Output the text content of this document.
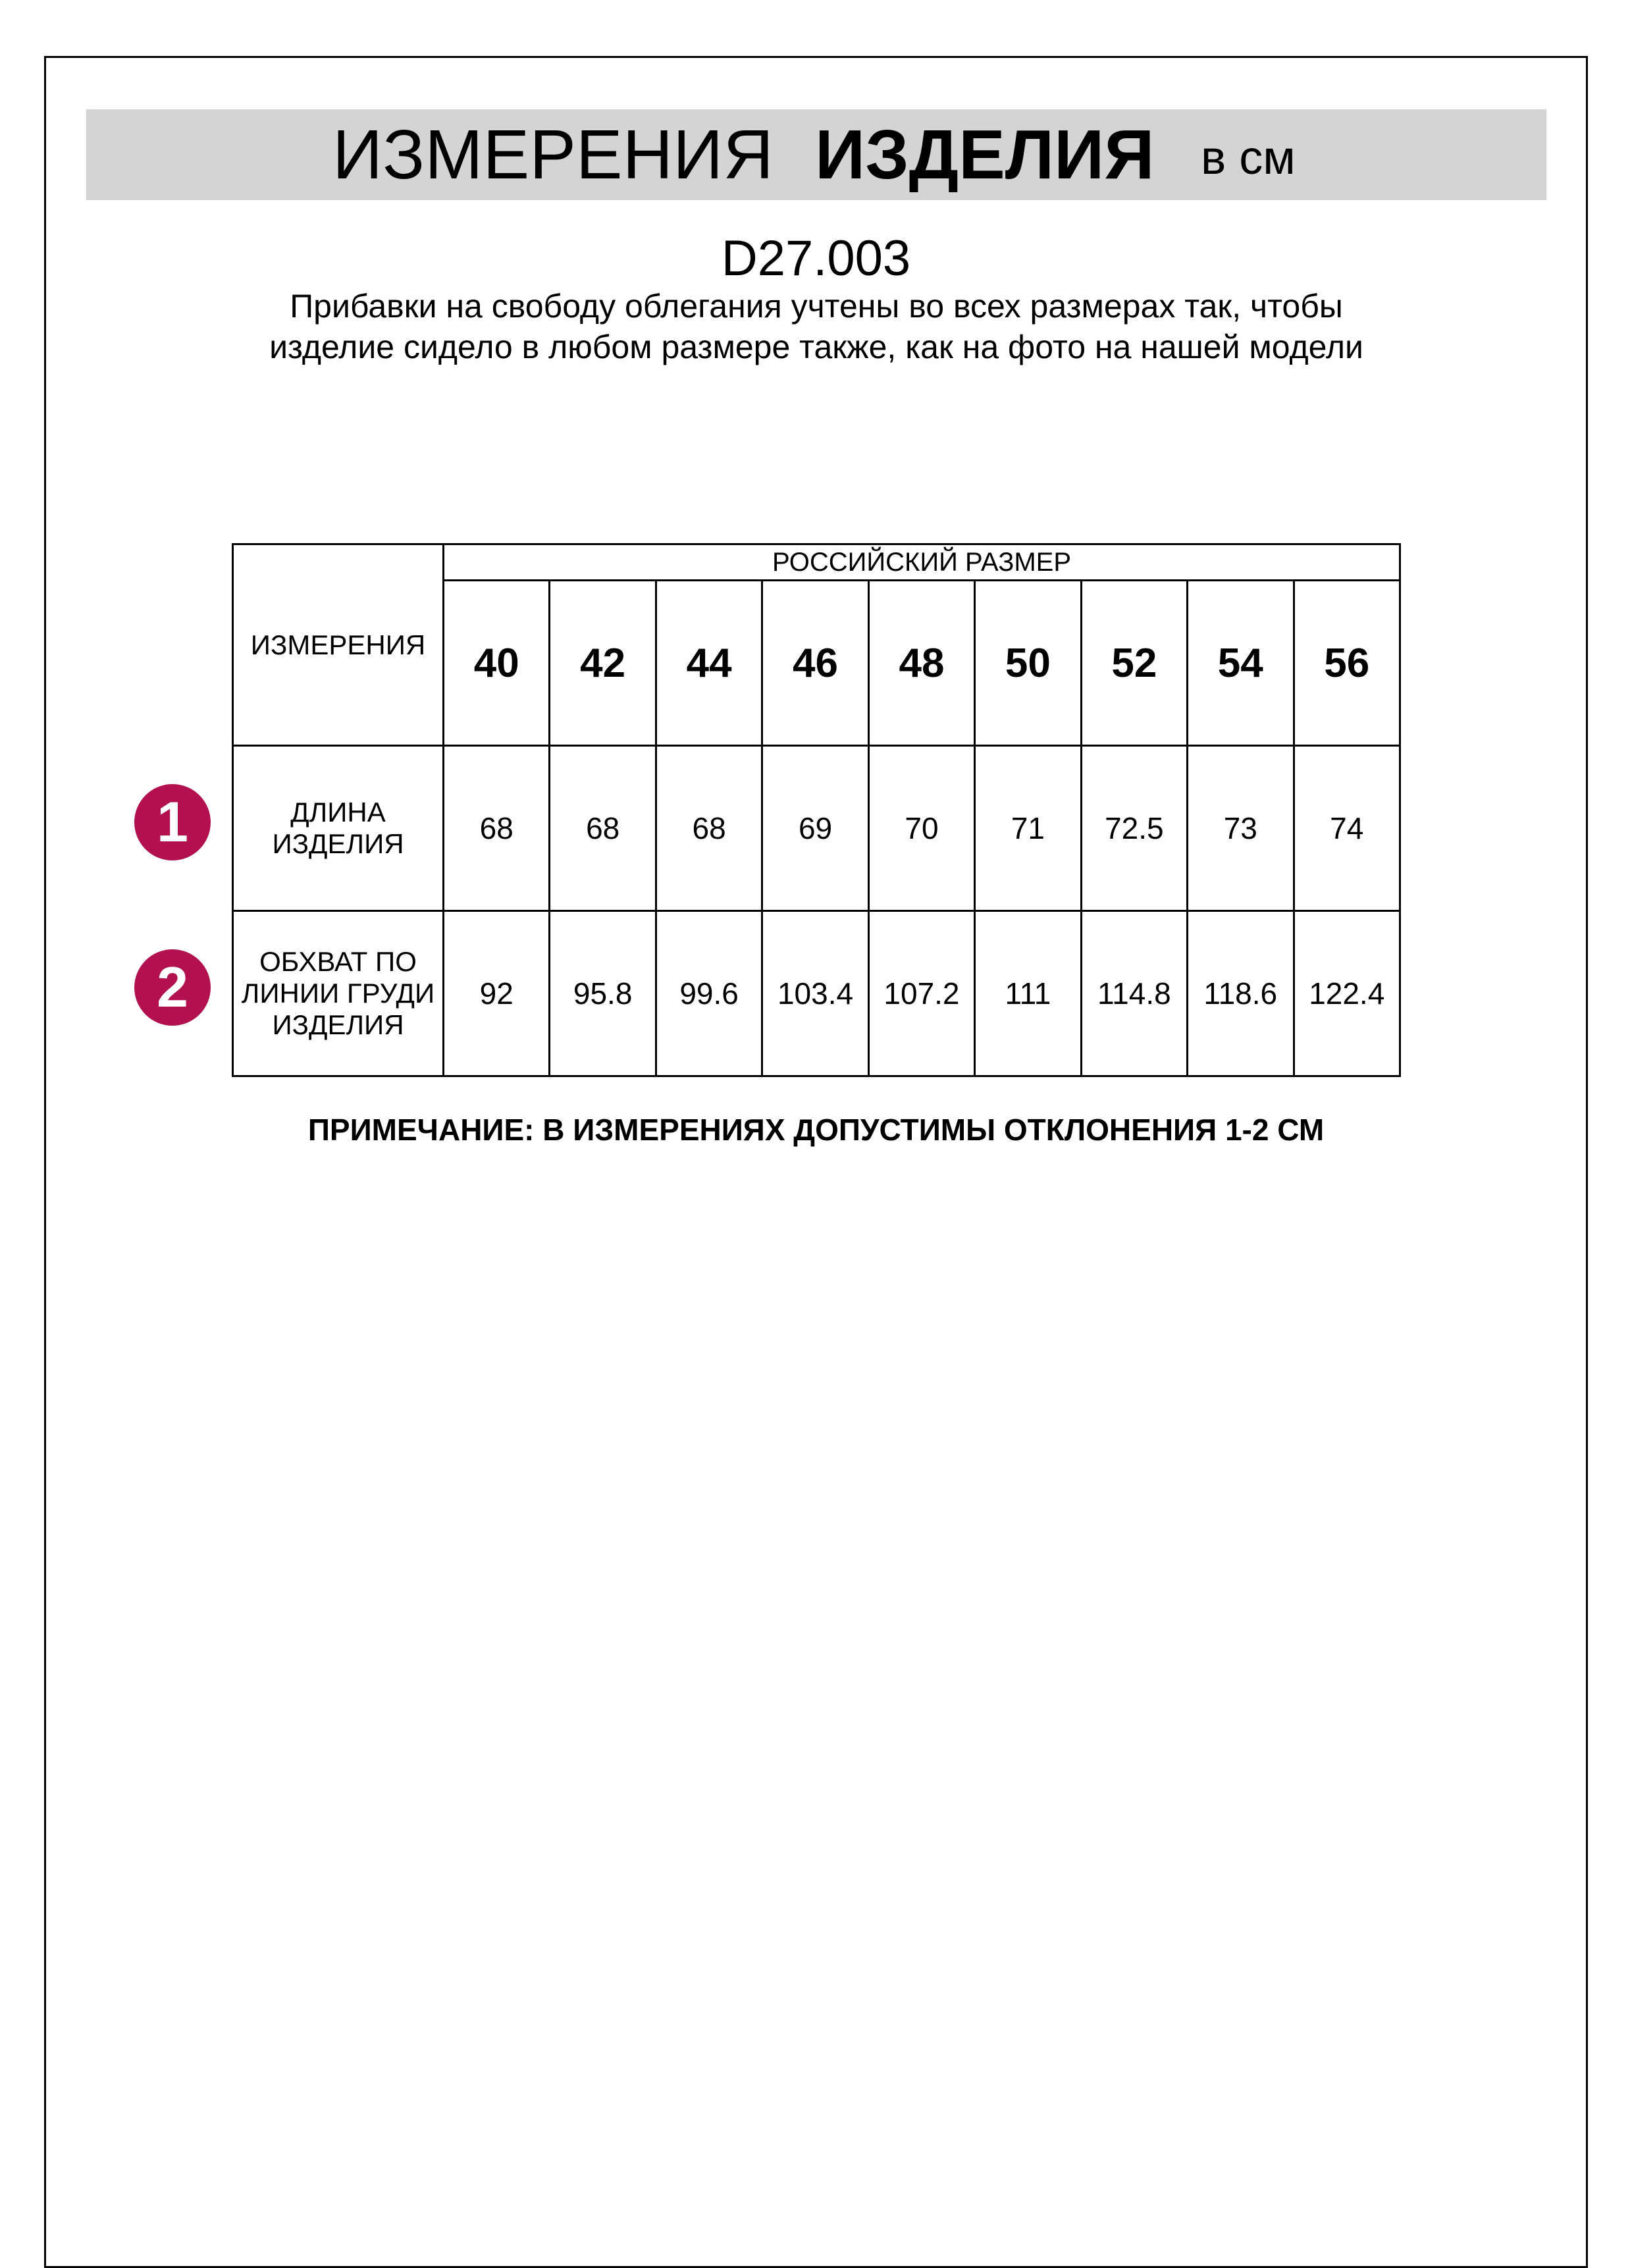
ИЗМЕРЕНИЯ ИЗДЕЛИЯ в см
D27.003
Прибавки на свободу облегания учтены во всех размерах так, чтобы изделие сидело в любом размере также, как на фото на нашей модели
1
2
ИЗМЕРЕНИЯ	РОССИЙСКИЙ РАЗМЕР								
	40	42	44	46	48	50	52	54	56
ДЛИНА ИЗДЕЛИЯ	68	68	68	69	70	71	72.5	73	74
ОБХВАТ ПО ЛИНИИ ГРУДИ ИЗДЕЛИЯ	92	95.8	99.6	103.4	107.2	111	114.8	118.6	122.4
ПРИМЕЧАНИЕ: В ИЗМЕРЕНИЯХ ДОПУСТИМЫ ОТКЛОНЕНИЯ 1-2 СМ
